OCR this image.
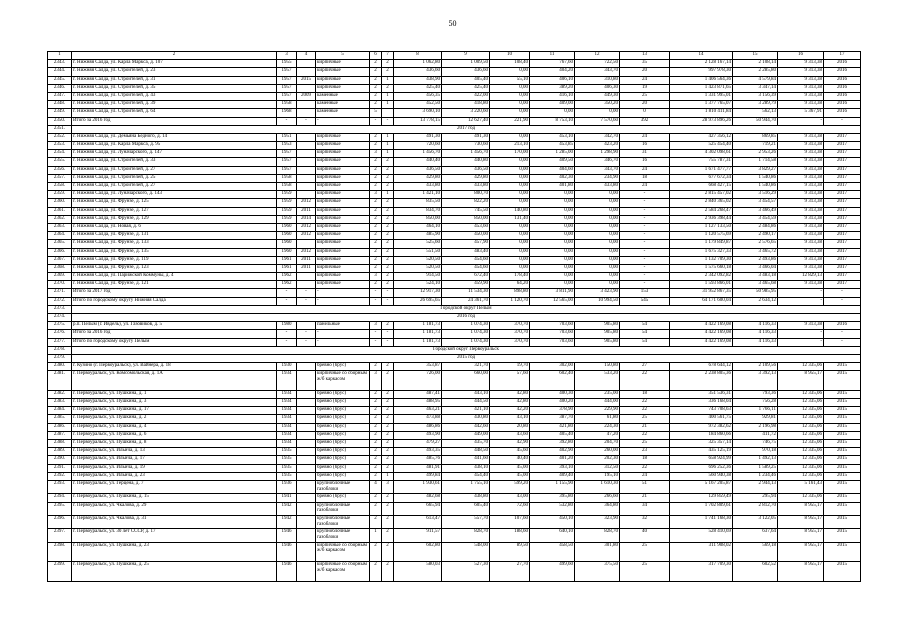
50
1	2	3	4	5	6	7	8	9	10	11	12	13	14	15	16	17
2343.	г. Нижняя Салда, ул. Карла Маркса, д. 107	1955		кирпичные	2	2	1 062,80	1 009,50	108,40	767,60	722,50	35	2 128 167,14	2 108,14	9 313,38	2016
2344.	г. Нижняя Салда, ул. Строителей, д. 23	1957		кирпичные	2	2	436,60	436,60	0,00	404,20	343,70	20	997 978,30	2 285,80	9 313,38	2016
2345.	г. Нижняя Салда, ул. Строителей, д. 31	1957	2015	кирпичные	2	1	438,90	405,40	55,10	406,10	310,80	24	1 406 564,36	4 579,84	9 313,38	2016
2346.	г. Нижняя Салда, ул. Строителей, д. 35	1957		кирпичные	2	2	425,40	425,40	0,00	389,20	406,30	19	1 423 871,65	3 347,14	9 313,38	2016
2347.	г. Нижняя Салда, ул. Строителей, д. 43	1957	2009	каменные	2	1	456,35	422,00	0,00	416,10	449,30	25	1 331 995,01	3 156,39	9 313,38	2016
2348.	г. Нижняя Салда, ул. Строителей, д. 39	1958		каменные	2	1	452,50	418,80	0,00	409,00	350,20	20	1 377 765,07	3 289,79	9 313,38	2016
2349.	г. Нижняя Салда, ул. Строителей, д. 64	1968		каменные	5		3 690,10	3 220,60	0,00	0,00	0,00	0	1 810 411,84	562,13	5 367,91	2016
2350.	Итого за 2016 год	-	-	-	-	-	13 778,15	12 627,40	221,90	8 753,10	7 570,60	392	28 973 896,26	50 944,70	-	-
2351.	2017 год															
2352.	г. Нижняя Салда, ул. Демьяна Бедного, д. 14	1951		кирпичные	2	1	491,30	491,30	0,00	453,10	342,70	24	427 356,12	869,85	9 313,38	2017
2353.	г. Нижняя Салда, ул. Карла Маркса, д. 95	1953		кирпичные	2	1	720,60	730,60	213,10	453,85	423,20	16	525 454,40	719,21	9 313,38	2017
2354.	г. Нижняя Салда, ул. Луначарского, д. 147	1957		кирпичные	3	1	1 456,70	1 456,70	170,00	1 285,00	1 298,90	31	4 302 098,61	2 953,26	9 313,38	2017
2355.	г. Нижняя Салда, ул. Строителей, д. 33	1957		кирпичные	2	2	440,40	440,80	0,00	409,50	346,70	16	755 787,31	1 714,58	9 313,38	2017
2356.	г. Нижняя Салда, ул. Строителей, д. 27	1957		кирпичные	2	2	436,50	436,50	0,00	404,60	343,70	24	1 671 477,77	3 829,27	9 313,38	2017
2357.	г. Нижняя Салда, ул. Строителей, д. 25	1958		кирпичные	2	2	429,80	429,80	0,00	402,30	234,90	18	677 672,34	1 540,86	9 313,38	2017
2358.	г. Нижняя Салда, ул. Строителей, д. 27	1958		кирпичные	2	2	433,80	433,80	0,00	401,80	433,80	24	668 427,15	1 540,86	9 313,38	2017
2359.	г. Нижняя Салда, ул. Луначарского, д. 143	1959		кирпичные	3	1	1 421,10	800,70	0,00	0,00	0,00	-	2 815 457,02	3 516,29	9 313,38	2017
2360.	г. Нижняя Салда, ул. Фрунзе, д. 125	1959	2012	кирпичные	2	2	835,50	822,20	0,00	0,00	0,00	-	2 840 365,02	3 454,57	9 313,38	2017
2361.	г. Нижняя Салда, ул. Фрунзе, д. 127	1959	2011	кирпичные	2	2	834,70	745,50	140,80	0,00	0,00	-	2 584 268,47	3 466,49	9 313,38	2017
2362.	г. Нижняя Салда, ул. Фрунзе, д. 129	1959	2014	кирпичные	2	2	850,00	850,00	131,40	0,00	0,00	-	2 936 398,44	3 454,59	9 313,38	2017
2363.	г. Нижняя Салда, ул. Новая, д. 6	1960	2012	кирпичные	2	2	464,10	453,60	0,00	0,00	0,00	-	1 127 133,50	2 484,86	9 313,38	2017
2364.	г. Нижняя Салда, ул. Фрунзе, д. 131	1960	2012	кирпичные	2	2	485,90	450,00	0,00	0,00	0,00	-	1 120 575,69	2 490,17	9 313,38	2017
2365.	г. Нижняя Салда, ул. Фрунзе, д. 133	1960		кирпичные	2	2	525,60	457,90	0,00	0,00	0,00	-	1 179 849,87	2 576,65	9 313,38	2017
2366.	г. Нижняя Салда, ул. Фрунзе, д. 135	1960	2012	кирпичные	2	2	551,50	483,40	0,00	0,00	0,00	-	1 675 327,33	3 465,72	9 313,38	2017
2367.	г. Нижняя Салда, ул. Фрунзе, д. 119	1961	2011	кирпичные	2	2	520,50	454,60	0,00	0,00	0,00	-	1 132 709,30	2 493,86	9 313,38	2017
2368.	г. Нижняя Салда, ул. Фрунзе, д. 123	1961	2011	кирпичные	2	2	520,50	454,60	0,00	0,00	0,00	-	1 575 660,18	3 466,04	9 313,38	2017
2369.	г. Нижняя Салда, ул. Парижской Коммуны, д. 4	1962		кирпичные	3	2	914,50	672,40	178,40	0,00	0,00	-	2 342 092,82	3 483,18	12 829,13	2017
2370.	г. Нижняя Салда, ул. Фрунзе, д. 121	1962		кирпичные	2	2	524,10	459,90	64,20	0,00	0,00	-	1 593 866,01	3 465,68	9 313,38	2017
2371.	Итого за 2017 год	-	-	-	-	-	12 917,30	11 534,30	898,80	3 811,90	3 423,90	153	31 952 867,35	50 985,95	-	-
2372.	Итого по городскому округу Нижняя Салда	-	-	-	-	-	26 695,65	24 361,70	1 120,70	12 565,00	10 994,50	545	64 171 600,04	2 634,12	-	-
2373.	Городской округ Пелым															
2374.	2016 год															
2375.	р.п. Пелым (г. Ивдель), ул. Газовиков, д. 5	1980		панельные	3	2	1 181,73	1 074,30	370,70	703,60	905,80	54	4 422 169,08	4 116,33	9 313,38	2016
2376.	Итого за 2016 год	-	-	-	-	-	1 181,73	1 074,30	370,70	703,60	905,80	54	4 422 169,08	4 116,33	-	-
2377.	Итого по городскому округу Пелым	-	-	-	-	-	1 181,73	1 074,30	370,70	703,60	905,80	54	4 422 169,08	4 116,33	-	-
2378.	Городской округ Первоуральск															
2379.	2015 год															
2380.	г. Кузино (г. Первоуральск), ул. Вайнера, д. 18	1930		бревно (брус)	2	2	353,87	321,70	19,70	302,00	150,80	27	678 644,12	2 109,56	12 335,06	2015
2381.	г. Первоуральск, ул. Комсомольская, д. 1А	1934		кирпичные со сборным ж/б каркасом	3	2	726,00	660,00	57,60	602,40	533,20	22	2 238 805,36	3 392,13	8 955,17	2015
2382.	г. Первоуральск, ул. Пушкина, д. 1	1934		бревно (брус)	2	2	487,41	443,10	42,80	400,30	235,00	18	351 536,31	793,36	12 335,06	2015
2383.	г. Первоуральск, ул. Пушкина, д. 3	1934		бревно (брус)	2	2	488,95	444,50	42,80	400,20	444,00	22	336 168,04	756,28	12 335,06	2015
2384.	г. Первоуральск, ул. Пушкина, д. 17	1934		бревно (брус)	2	2	463,21	421,10	42,20	378,90	229,90	22	743 708,63	1 766,11	12 335,06	2015
2385.	г. Первоуральск, ул. Пушкина, д. 2	1934		бревно (брус)	2	2	473,88	430,80	43,10	387,70	61,80	25	400 561,75	929,81	12 335,06	2015
2386.	г. Первоуральск, ул. Пушкина, д. 4	1934		бревно (брус)	2	2	486,86	442,60	20,80	421,80	224,30	21	972 382,62	2 196,98	12 335,06	2015
2387.	г. Первоуральск, ул. Пушкина, д. 6	1934		бревно (брус)	2	2	493,90	449,00	43,60	405,40	47,20	22	184 860,66	411,72	12 335,06	2015
2388.	г. Первоуральск, ул. Пушкина, д. 8	1934		бревно (брус)	2	2	479,27	435,70	42,90	392,80	204,70	25	325 357,14	746,75	12 335,06	2015
2389.	г. Первоуральск, ул. Ильича, д. 13	1935		бревно (брус)	2	2	493,35	448,50	45,60	402,90	260,00	23	435 125,19	970,18	12 335,06	2015
2390.	г. Первоуральск, ул. Ильича, д. 17	1935		бревно (брус)	2	2	485,76	441,60	40,40	401,20	202,30	18	658 924,99	1 492,13	12 335,06	2015
2391.	г. Первоуральск, ул. Ильича, д. 19	1935		бревно (брус)	2	2	481,91	438,10	45,00	393,10	312,50	22	696 252,36	1 589,25	12 335,06	2015
2392.	г. Первоуральск, ул. Ильича, д. 23	1935		бревно (брус)	2	1	499,84	454,40	45,00	409,40	195,10	24	560 940,38	1 234,46	12 335,06	2015
2393.	г. Первоуральск, ул. Герцена, д. 7	1936		крупноблочные газоблоки	4	3	1 930,61	1 755,10	599,20	1 155,90	1 610,30	51	5 167 205,87	2 944,13	5 161,43	2015
2394.	г. Первоуральск, ул. Пушкина, д. 15	1941		бревно (брус)	2	2	482,68	438,80	43,00	395,80	266,60	21	129 859,49	295,94	12 335,06	2015
2395.	г. Первоуральск, ул. Чкалова, д. 29	1942		крупноблочные газоблоки	2	2	665,94	605,40	72,60	532,80	364,80	34	1 702 809,61	2 812,70	8 955,17	2015
2396.	г. Первоуральск, ул. Чкалова, д. 31	1942		крупноблочные газоблоки	2	2	613,47	557,70	107,60	450,10	323,90	32	1 741 168,30	3 122,05	8 955,17	2015
2397.	г. Первоуральск, ул. 30 лет СССР, д. 17	1946		крупноблочные газоблоки	1	2	911,57	828,70	188,60	640,10	828,70	40	528 410,69	637,64	8 955,17	2015
2398.	г. Первоуральск, ул. Пушкина, д. 23	1946		кирпичные со сборным ж/б каркасом	2	2	602,80	548,00	89,50	458,50	301,80	25	311 908,02	569,18	8 955,17	2015
2399.	г. Первоуральск, ул. Пушкина, д. 25	1946		кирпичные со сборным ж/б каркасом	2	2	580,03	527,30	27,70	499,60	375,50	25	317 709,30	602,52	8 955,17	2015
